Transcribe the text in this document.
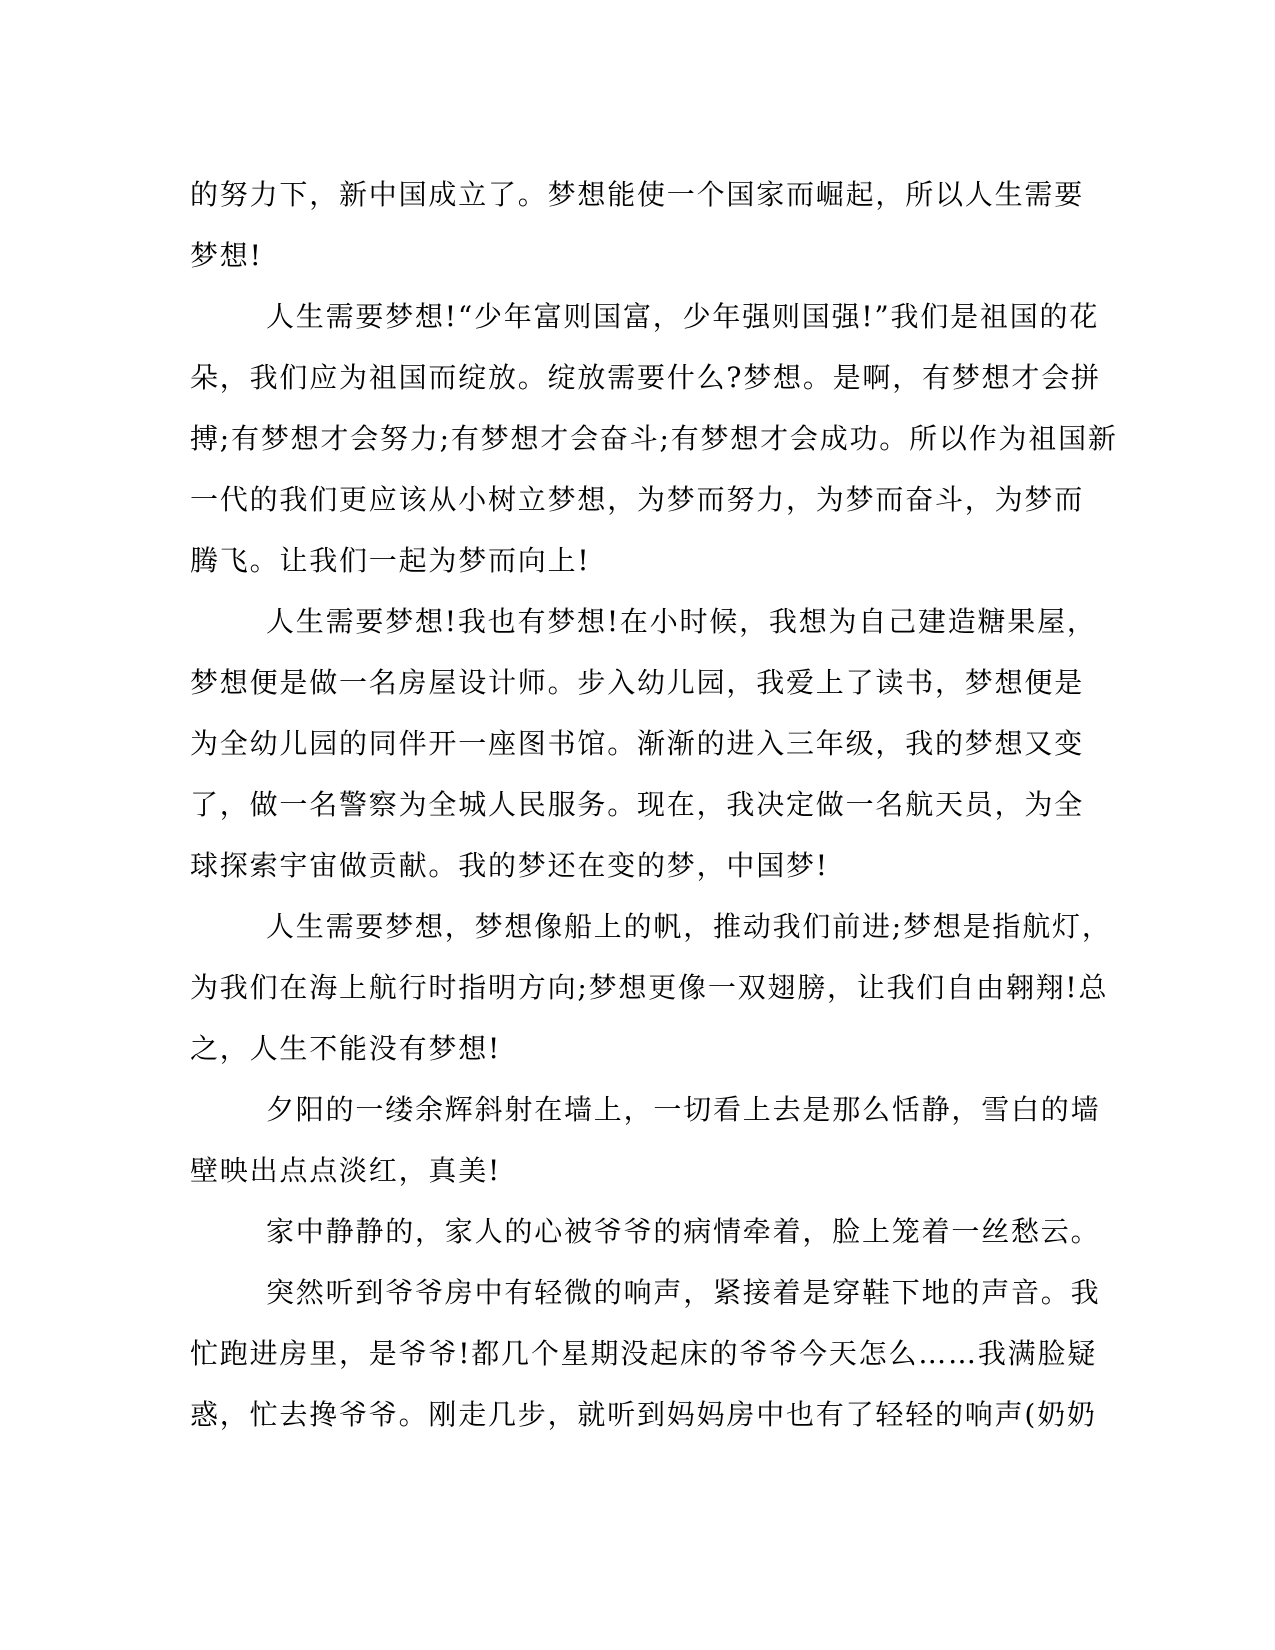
的努力下，新中国成立了。梦想能使一个国家而崛起，所以人生需要
梦想!
人生需要梦想!“少年富则国富，少年强则国强!”我们是祖国的花
朵，我们应为祖国而绽放。绽放需要什么?梦想。是啊，有梦想才会拼
搏;有梦想才会努力;有梦想才会奋斗;有梦想才会成功。所以作为祖国新
一代的我们更应该从小树立梦想，为梦而努力，为梦而奋斗，为梦而
腾飞。让我们一起为梦而向上!
人生需要梦想!我也有梦想!在小时候，我想为自己建造糖果屋，
梦想便是做一名房屋设计师。步入幼儿园，我爱上了读书，梦想便是
为全幼儿园的同伴开一座图书馆。渐渐的进入三年级，我的梦想又变
了，做一名警察为全城人民服务。现在，我决定做一名航天员，为全
球探索宇宙做贡献。我的梦还在变的梦，中国梦!
人生需要梦想，梦想像船上的帆，推动我们前进;梦想是指航灯，
为我们在海上航行时指明方向;梦想更像一双翅膀，让我们自由翱翔!总
之，人生不能没有梦想!
夕阳的一缕余辉斜射在墙上，一切看上去是那么恬静，雪白的墙
壁映出点点淡红，真美!
家中静静的，家人的心被爷爷的病情牵着，脸上笼着一丝愁云。
突然听到爷爷房中有轻微的响声，紧接着是穿鞋下地的声音。我
忙跑进房里，是爷爷!都几个星期没起床的爷爷今天怎么……我满脸疑
惑，忙去搀爷爷。刚走几步，就听到妈妈房中也有了轻轻的响声(奶奶
